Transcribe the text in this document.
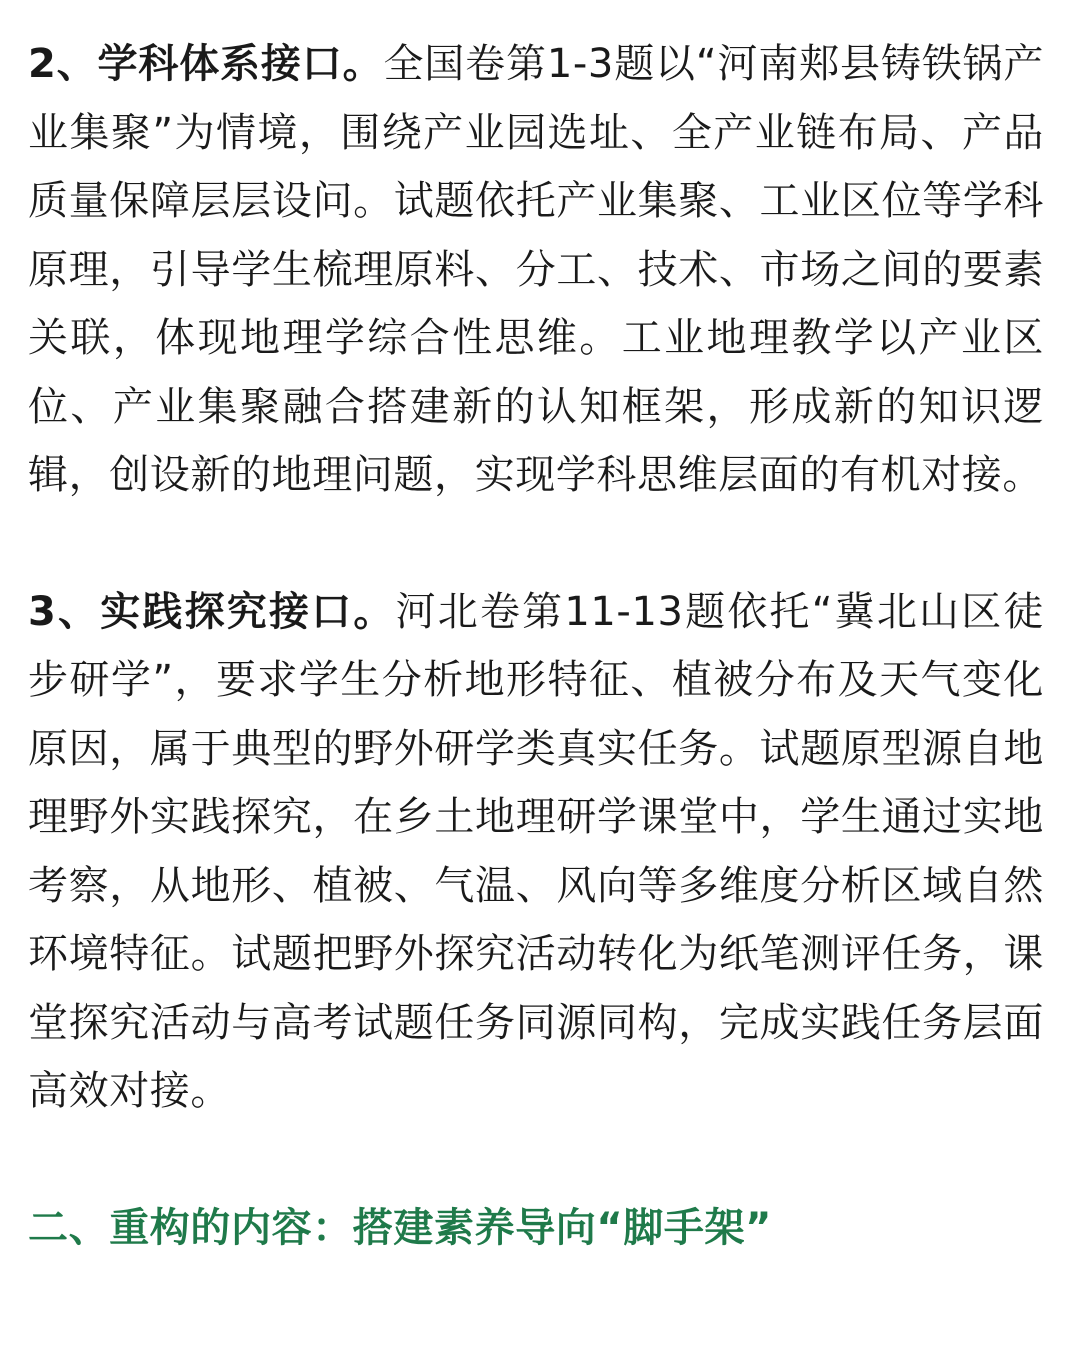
2、学科体系接口。全国卷第1-3题以“河南郏县铸铁锅产业集聚”为情境，围绕产业园选址、全产业链布局、产品质量保障层层设问。试题依托产业集聚、工业区位等学科原理，引导学生梳理原料、分工、技术、市场之间的要素关联，体现地理学综合性思维。工业地理教学以产业区位、产业集聚融合搭建新的认知框架，形成新的知识逻辑，创设新的地理问题，实现学科思维层面的有机对接。

3、实践探究接口。河北卷第11-13题依托“冀北山区徒步研学”，要求学生分析地形特征、植被分布及天气变化原因，属于典型的野外研学类真实任务。试题原型源自地理野外实践探究，在乡土地理研学课堂中，学生通过实地考察，从地形、植被、气温、风向等多维度分析区域自然环境特征。试题把野外探究活动转化为纸笔测评任务，课堂探究活动与高考试题任务同源同构，完成实践任务层面高效对接。

二、重构的内容：搭建素养导向“脚手架”
